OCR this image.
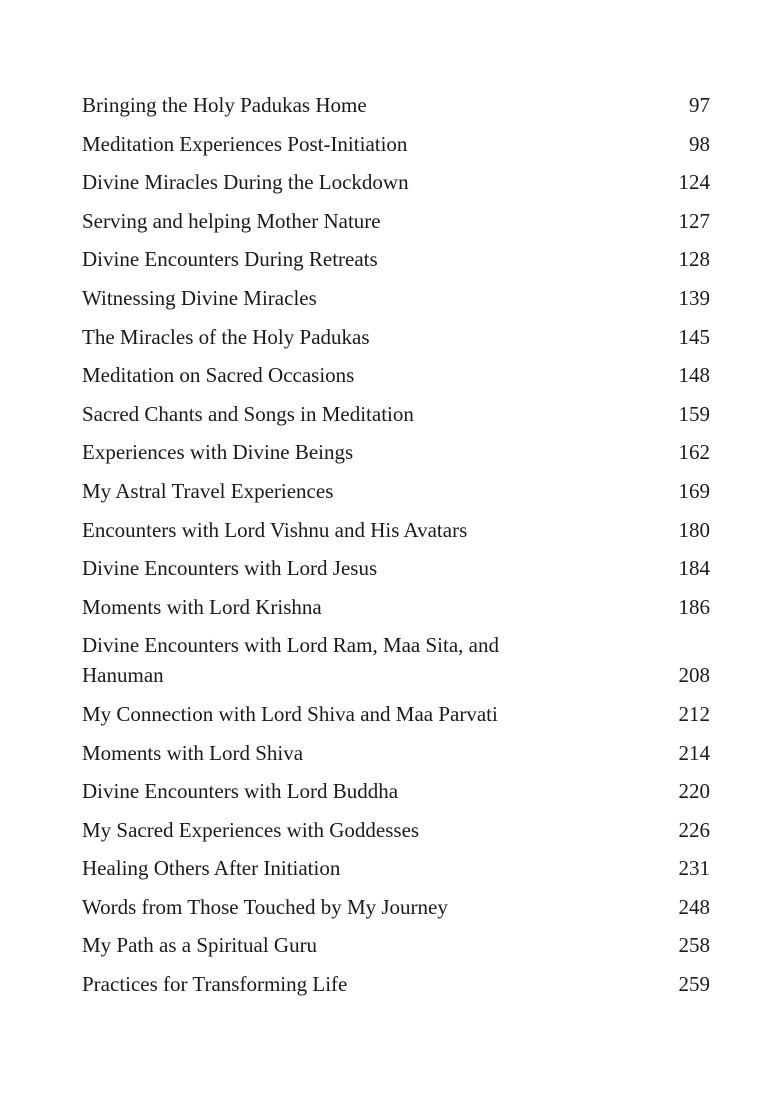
Bringing the Holy Padukas Home	97
Meditation Experiences Post-Initiation	98
Divine Miracles During the Lockdown	124
Serving and helping Mother Nature	127
Divine Encounters During Retreats	128
Witnessing Divine Miracles	139
The Miracles of the Holy Padukas	145
Meditation on Sacred Occasions	148
Sacred Chants and Songs in Meditation	159
Experiences with Divine Beings	162
My Astral Travel Experiences	169
Encounters with Lord Vishnu and His Avatars	180
Divine Encounters with Lord Jesus	184
Moments with Lord Krishna	186
Divine Encounters with Lord Ram, Maa Sita, and
Hanuman	208
My Connection with Lord Shiva and Maa Parvati	212
Moments with Lord Shiva	214
Divine Encounters with Lord Buddha	220
My Sacred Experiences with Goddesses	226
Healing Others After Initiation	231
Words from Those Touched by My Journey	248
My Path as a Spiritual Guru	258
Practices for Transforming Life	259
